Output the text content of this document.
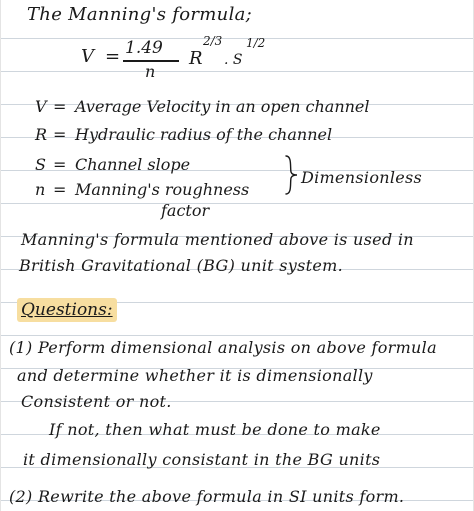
The Manning's formula;
V = 1.49
n
R
2/3
. S
1/2
V = Average Velocity in an open channel
R = Hydraulic radius of the channel
S = Channel slope
n = Manning's roughness
factor
Dimensionless
Manning's formula mentioned above is used in
British Gravitational (BG) unit system.
Questions:
(1) Perform dimensional analysis on above formula
and determine whether it is dimensionally
Consistent or not.
If not, then what must be done to make
it dimensionally consistant in the BG units
(2) Rewrite the above formula in SI units form.
